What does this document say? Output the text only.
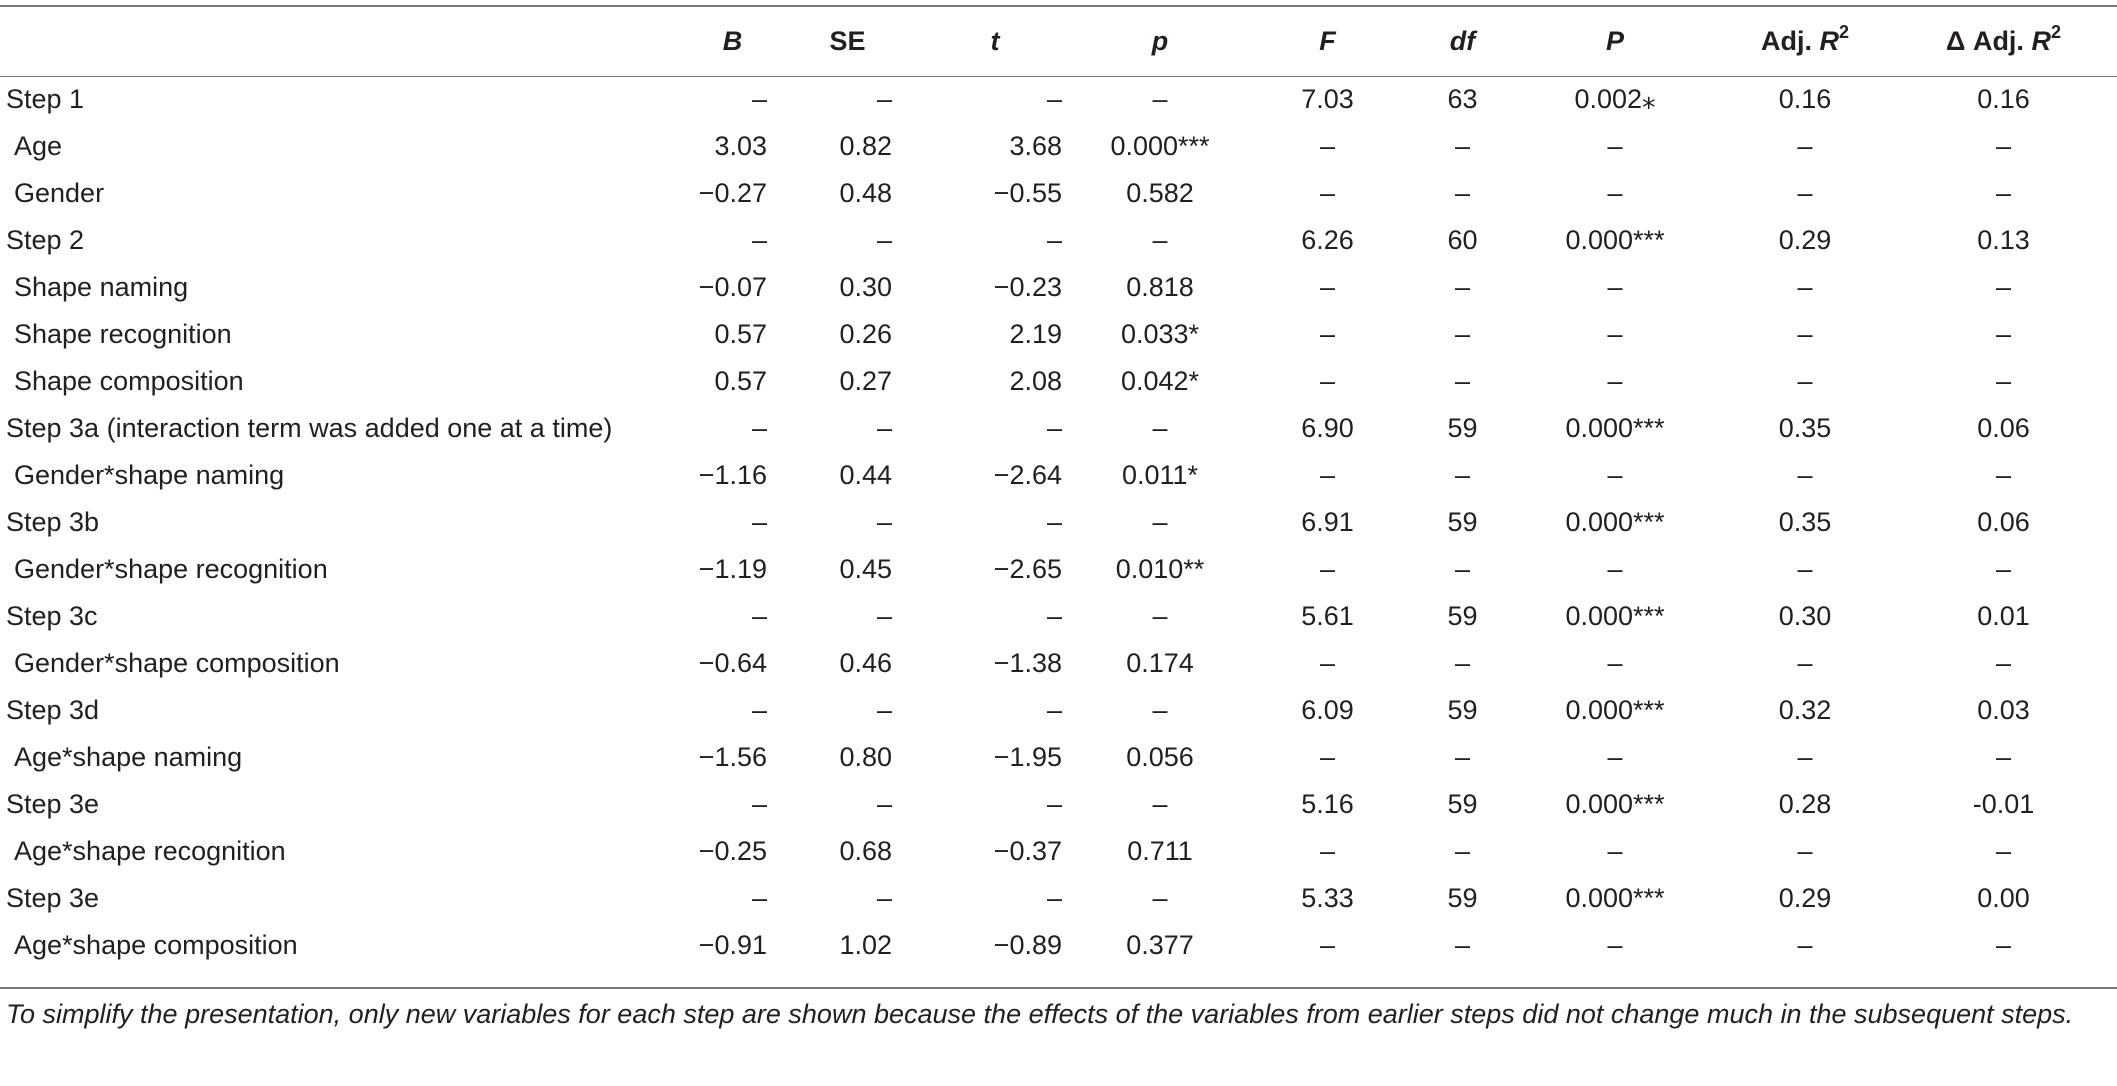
	B	SE	t	p	F	df	P	Adj. $R^2$	Δ Adj. $R^2$
Step 1	–	–	–	–	7.03	63	0.002⁎	0.16	0.16
Age	3.03	0.82	3.68	0.000***	–	–	–	–	–
Gender	−0.27	0.48	−0.55	0.582	–	–	–	–	–
Step 2	–	–	–	–	6.26	60	0.000***	0.29	0.13
Shape naming	−0.07	0.30	−0.23	0.818	–	–	–	–	–
Shape recognition	0.57	0.26	2.19	0.033*	–	–	–	–	–
Shape composition	0.57	0.27	2.08	0.042*	–	–	–	–	–
Step 3a (interaction term was added one at a time)	–	–	–	–	6.90	59	0.000***	0.35	0.06
Gender*shape naming	−1.16	0.44	−2.64	0.011*	–	–	–	–	–
Step 3b	–	–	–	–	6.91	59	0.000***	0.35	0.06
Gender*shape recognition	−1.19	0.45	−2.65	0.010**	–	–	–	–	–
Step 3c	–	–	–	–	5.61	59	0.000***	0.30	0.01
Gender*shape composition	−0.64	0.46	−1.38	0.174	–	–	–	–	–
Step 3d	–	–	–	–	6.09	59	0.000***	0.32	0.03
Age*shape naming	−1.56	0.80	−1.95	0.056	–	–	–	–	–
Step 3e	–	–	–	–	5.16	59	0.000***	0.28	-0.01
Age*shape recognition	−0.25	0.68	−0.37	0.711	–	–	–	–	–
Step 3e	–	–	–	–	5.33	59	0.000***	0.29	0.00
Age*shape composition	−0.91	1.02	−0.89	0.377	–	–	–	–	–
To simplify the presentation, only new variables for each step are shown because the effects of the variables from earlier steps did not change much in the subsequent steps.
